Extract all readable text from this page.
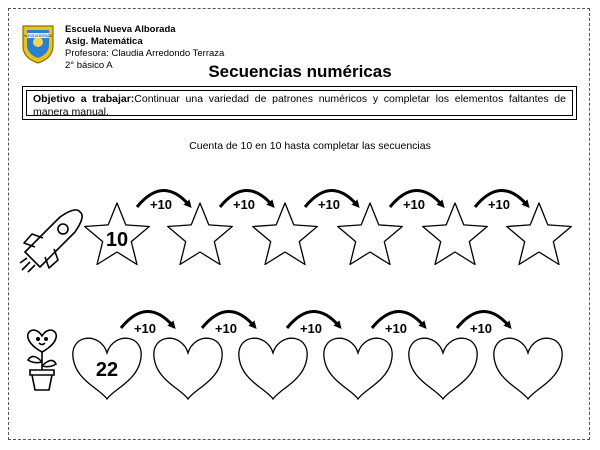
NUEVA ALBORADA
Escuela Nueva Alborada
Asig. Matemática
Profesora: Claudia Arredondo Terraza
2° básico A	Secuencias numéricas
Objetivo a trabajar:Continuar una variedad de patrones numéricos y completar los elementos faltantes de manera manual.
Cuenta de 10 en 10 hasta completar las secuencias
10
+10	+10	+10	+10	+10
22
+10	+10	+10	+10	+10
